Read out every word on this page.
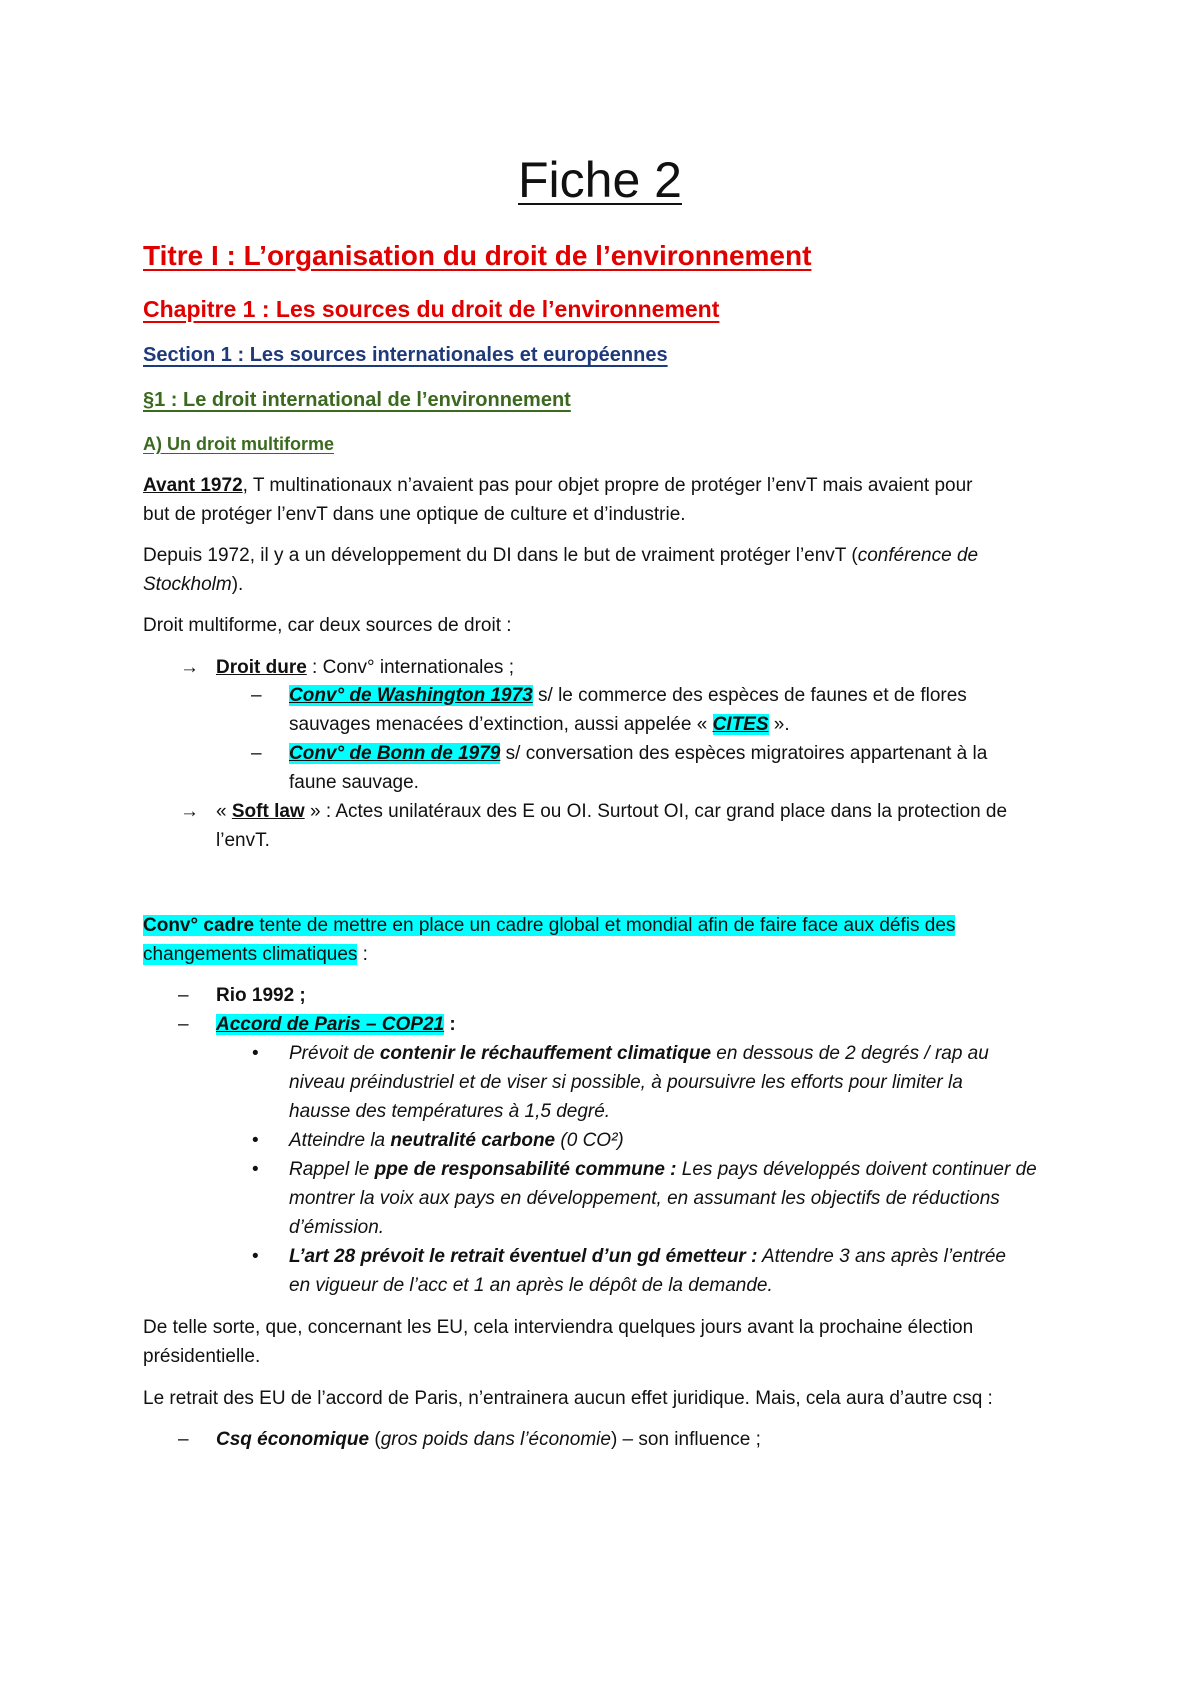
Fiche 2
Titre I : L’organisation du droit de l’environnement
Chapitre 1 : Les sources du droit de l’environnement
Section 1 : Les sources internationales et européennes
§1 : Le droit international de l’environnement
A) Un droit multiforme
Avant 1972, T multinationaux n’avaient pas pour objet propre de protéger l’envT mais avaient pour
but de protéger l’envT dans une optique de culture et d’industrie.
Depuis 1972, il y a un développement du DI dans le but de vraiment protéger l’envT (conférence de
Stockholm).
Droit multiforme, car deux sources de droit :
→ Droit dure : Conv° internationales ;
– Conv° de Washington 1973 s/ le commerce des espèces de faunes et de flores
sauvages menacées d’extinction, aussi appelée « CITES ».
– Conv° de Bonn de 1979 s/ conversation des espèces migratoires appartenant à la
faune sauvage.
→ « Soft law » : Actes unilatéraux des E ou OI. Surtout OI, car grand place dans la protection de
l’envT.
Conv° cadre tente de mettre en place un cadre global et mondial afin de faire face aux défis des
changements climatiques :
– Rio 1992 ;
– Accord de Paris – COP21 :
• Prévoit de contenir le réchauffement climatique en dessous de 2 degrés / rap au
niveau préindustriel et de viser si possible, à poursuivre les efforts pour limiter la
hausse des températures à 1,5 degré.
• Atteindre la neutralité carbone (0 CO²)
• Rappel le ppe de responsabilité commune : Les pays développés doivent continuer de
montrer la voix aux pays en développement, en assumant les objectifs de réductions
d’émission.
• L’art 28 prévoit le retrait éventuel d’un gd émetteur : Attendre 3 ans après l’entrée
en vigueur de l’acc et 1 an après le dépôt de la demande.
De telle sorte, que, concernant les EU, cela interviendra quelques jours avant la prochaine élection
présidentielle.
Le retrait des EU de l’accord de Paris, n’entrainera aucun effet juridique. Mais, cela aura d’autre csq :
– Csq économique (gros poids dans l’économie) – son influence ;
